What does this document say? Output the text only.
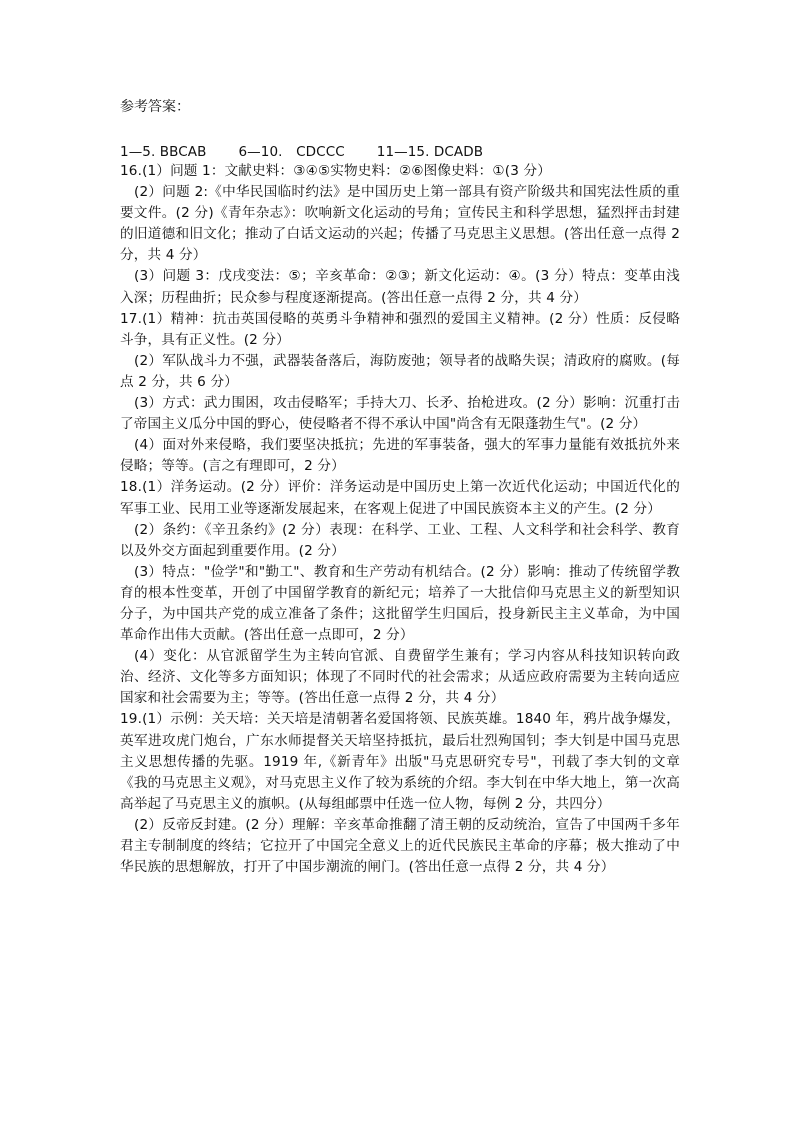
参考答案：
1—5. BBCAB 6—10.　CDCCC 11—15. DCADB

16.(1）问题 1：文献史料：③④⑤实物史料：②⑥图像史料：①(3 分）

(2）问题 2:《中华民国临时约法》是中国历史上第一部具有资产阶级共和国宪法性质的重要文件。(2 分)《青年杂志》：吹响新文化运动的号角；宣传民主和科学思想，猛烈抨击封建的旧道德和旧文化；推动了白话文运动的兴起；传播了马克思主义思想。(答出任意一点得 2 分，共 4 分）

(3）问题 3：戊戌变法：⑤；辛亥革命：②③；新文化运动：④。(3 分）特点：变革由浅入深；历程曲折；民众参与程度逐渐提高。(答出任意一点得 2 分，共 4 分）

17.(1）精神：抗击英国侵略的英勇斗争精神和强烈的爱国主义精神。(2 分）性质：反侵略斗争，具有正义性。(2 分）

(2）军队战斗力不强，武器装备落后，海防废弛；领导者的战略失误；清政府的腐败。(每点 2 分，共 6 分）

(3）方式：武力围困，攻击侵略军；手持大刀、长矛、抬枪进攻。(2 分）影响：沉重打击了帝国主义瓜分中国的野心，使侵略者不得不承认中国"尚含有无限蓬勃生气"。(2 分）

(4）面对外来侵略，我们要坚决抵抗；先进的军事装备，强大的军事力量能有效抵抗外来侵略；等等。(言之有理即可，2 分）

18.(1）洋务运动。(2 分）评价：洋务运动是中国历史上第一次近代化运动；中国近代化的军事工业、民用工业等逐渐发展起来，在客观上促进了中国民族资本主义的产生。(2 分）

(2）条约：《辛丑条约》(2 分）表现：在科学、工业、工程、人文科学和社会科学、教育以及外交方面起到重要作用。(2 分）

(3）特点："俭学"和"勤工"、教育和生产劳动有机结合。(2 分）影响：推动了传统留学教育的根本性变革，开创了中国留学教育的新纪元；培养了一大批信仰马克思主义的新型知识分子，为中国共产党的成立准备了条件；这批留学生归国后，投身新民主主义革命，为中国革命作出伟大贡献。(答出任意一点即可，2 分）

(4）变化：从官派留学生为主转向官派、自费留学生兼有；学习内容从科技知识转向政治、经济、文化等多方面知识；体现了不同时代的社会需求；从适应政府需要为主转向适应国家和社会需要为主；等等。(答出任意一点得 2 分，共 4 分）

19.(1）示例：关天培：关天培是清朝著名爱国将领、民族英雄。1840 年，鸦片战争爆发，英军进攻虎门炮台，广东水师提督关天培坚持抵抗，最后壮烈殉国钊；李大钊是中国马克思主义思想传播的先驱。1919 年,《新青年》出版"马克思研究专号"，刊载了李大钊的文章《我的马克思主义观》，对马克思主义作了较为系统的介绍。李大钊在中华大地上，第一次高高举起了马克思主义的旗帜。(从每组邮票中任选一位人物，每例 2 分，共四分）

(2）反帝反封建。(2 分）理解：辛亥革命推翻了清王朝的反动统治，宣告了中国两千多年君主专制制度的终结；它拉开了中国完全意义上的近代民族民主革命的序幕；极大推动了中华民族的思想解放，打开了中国步潮流的闸门。(答出任意一点得 2 分，共 4 分）
